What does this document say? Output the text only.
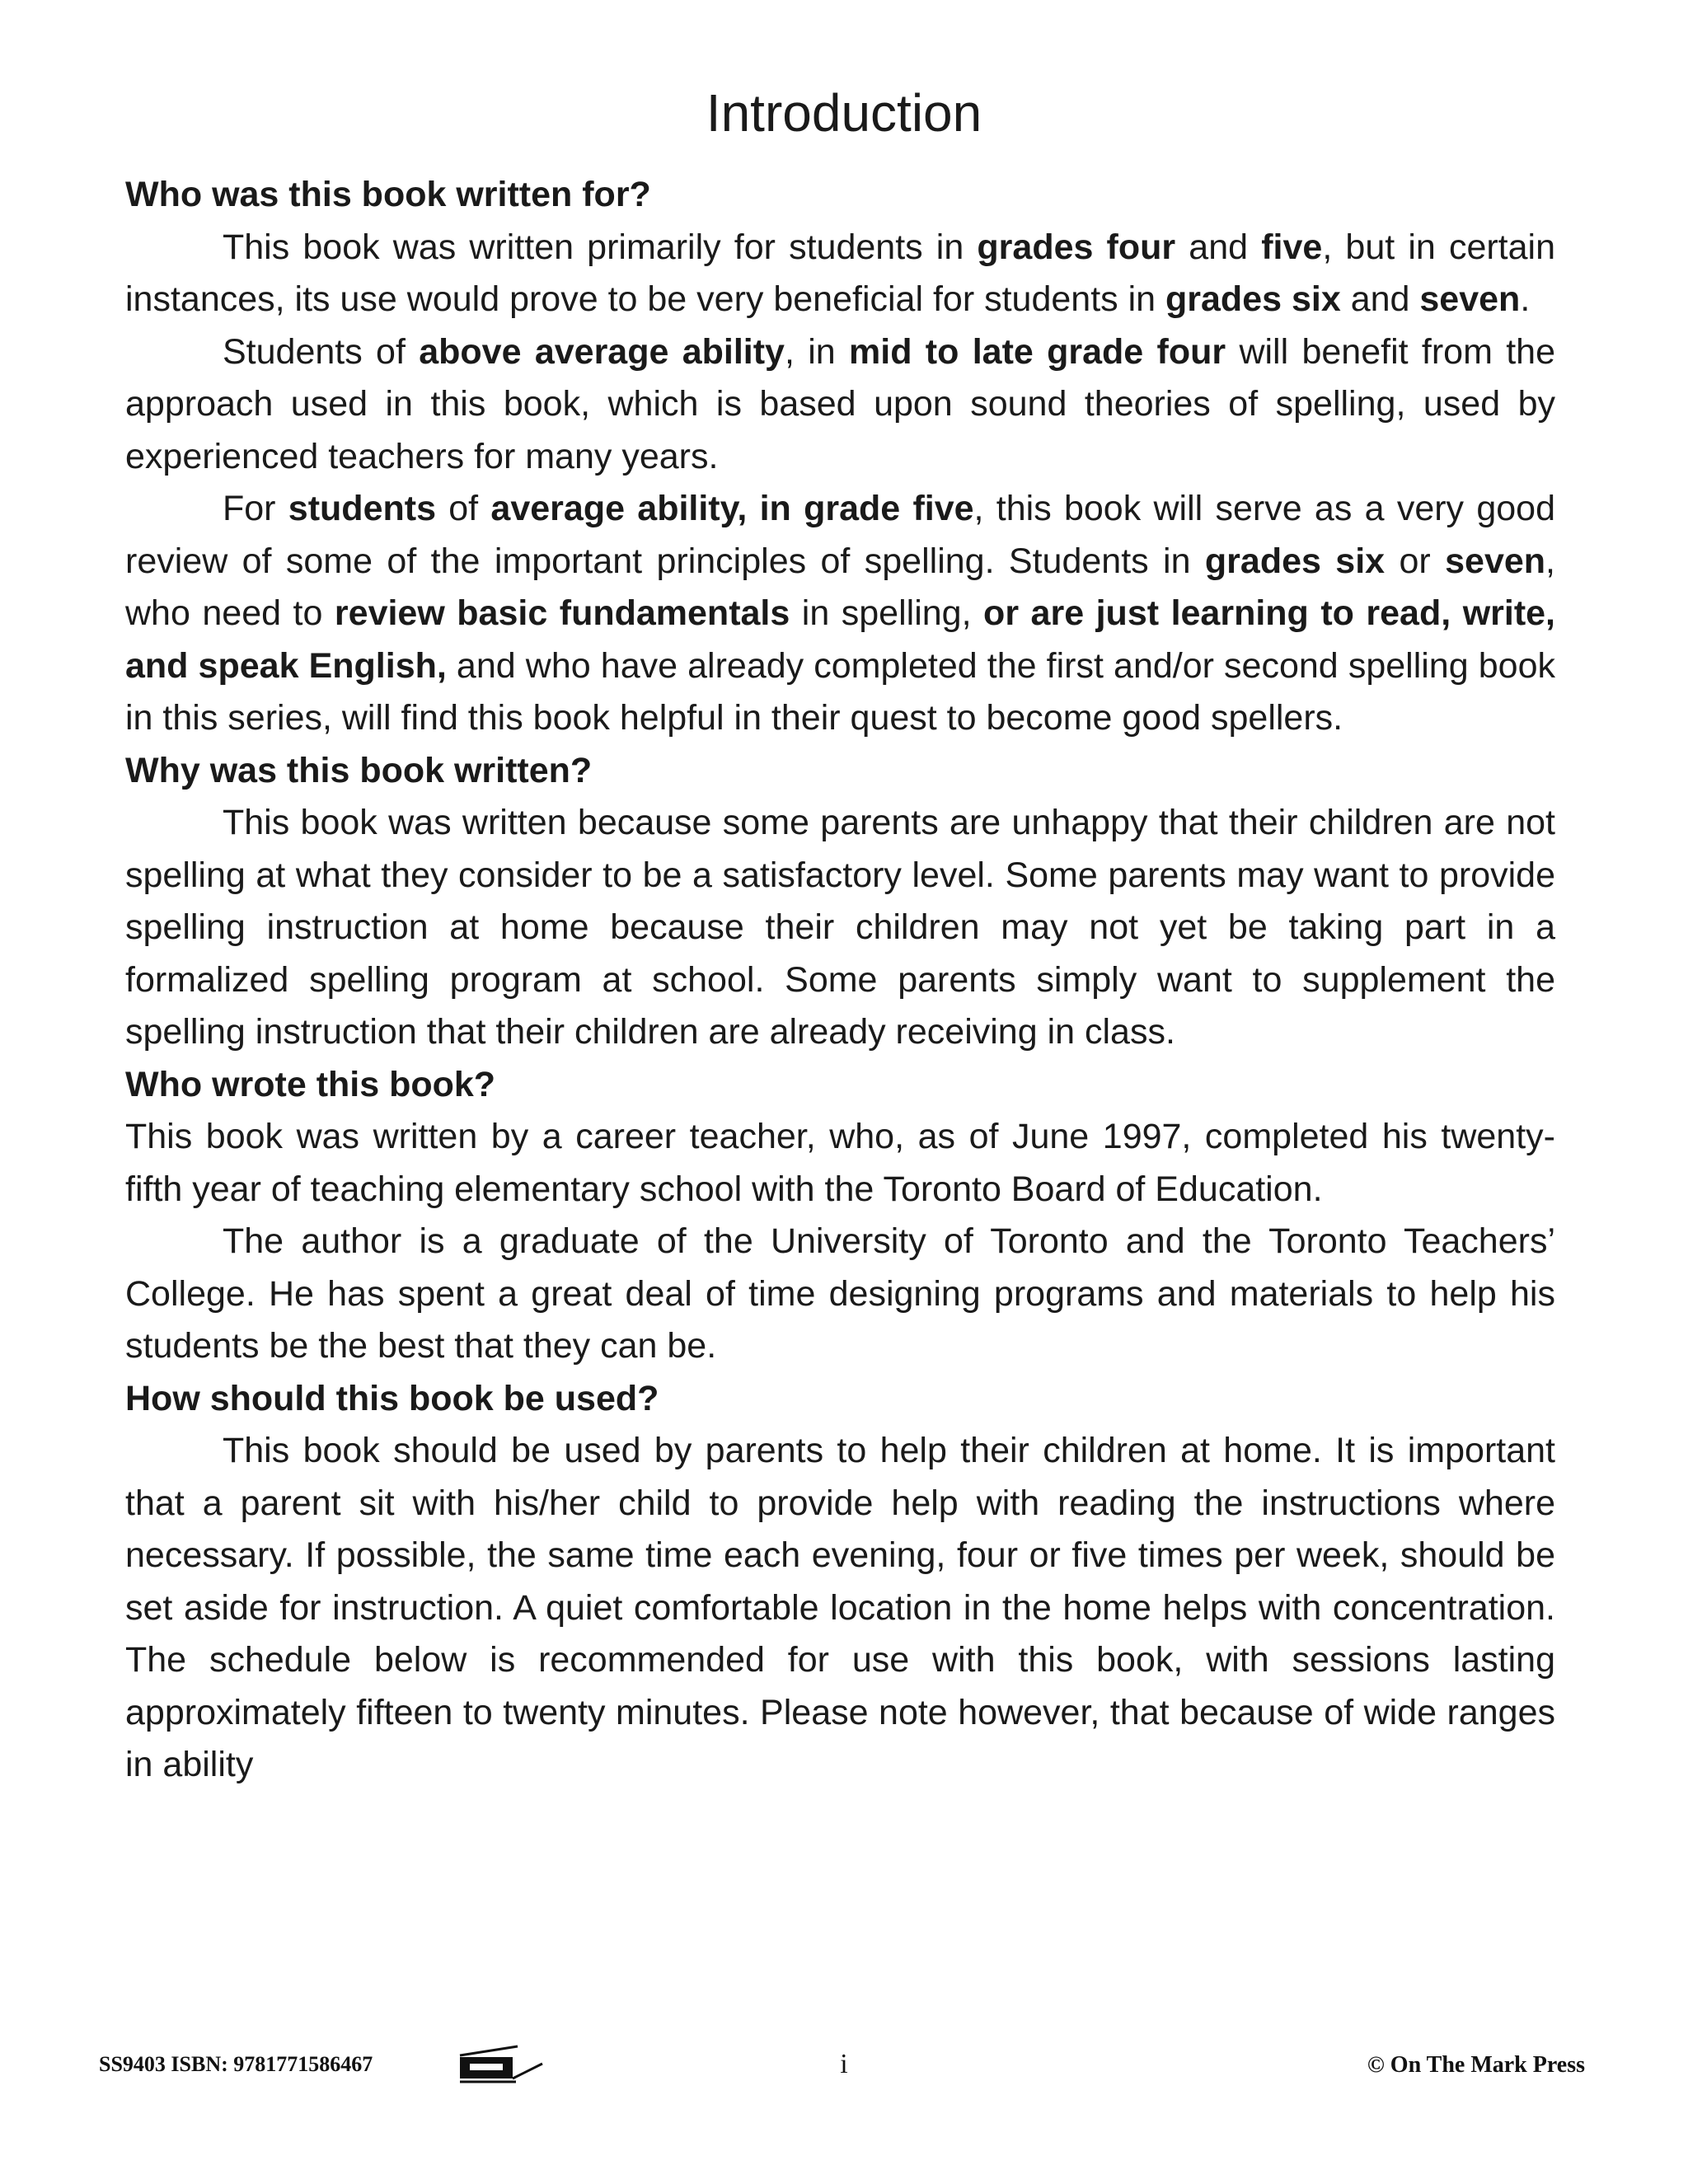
Introduction
Who was this book written for?

This book was written primarily for students in grades four and five, but in certain instances, its use would prove to be very beneficial for students in grades six and seven.

Students of above average ability, in mid to late grade four will benefit from the approach used in this book, which is based upon sound theories of spelling, used by experienced teachers for many years.

For students of average ability, in grade five, this book will serve as a very good review of some of the important principles of spelling. Students in grades six or seven, who need to review basic fundamentals in spelling, or are just learning to read, write, and speak English, and who have already completed the first and/or second spelling book in this series, will find this book helpful in their quest to become good spellers.

Why was this book written?

This book was written because some parents are unhappy that their children are not spelling at what they consider to be a satisfactory level. Some parents may want to provide spelling instruction at home because their children may not yet be taking part in a formalized spelling program at school. Some parents simply want to supplement the spelling instruction that their children are already receiving in class.

Who wrote this book?

This book was written by a career teacher, who, as of June 1997, completed his twenty-fifth year of teaching elementary school with the Toronto Board of Education.

The author is a graduate of the University of Toronto and the Toronto Teachers’ College. He has spent a great deal of time designing programs and materials to help his students be the best that they can be.

How should this book be used?

This book should be used by parents to help their children at home. It is important that a parent sit with his/her child to provide help with reading the instructions where necessary. If possible, the same time each evening, four or five times per week, should be set aside for instruction. A quiet comfortable location in the home helps with concentration. The schedule below is recommended for use with this book, with sessions lasting approximately fifteen to twenty minutes. Please note however, that because of wide ranges in ability

SS9403 ISBN: 9781771586467	i	© On The Mark Press
